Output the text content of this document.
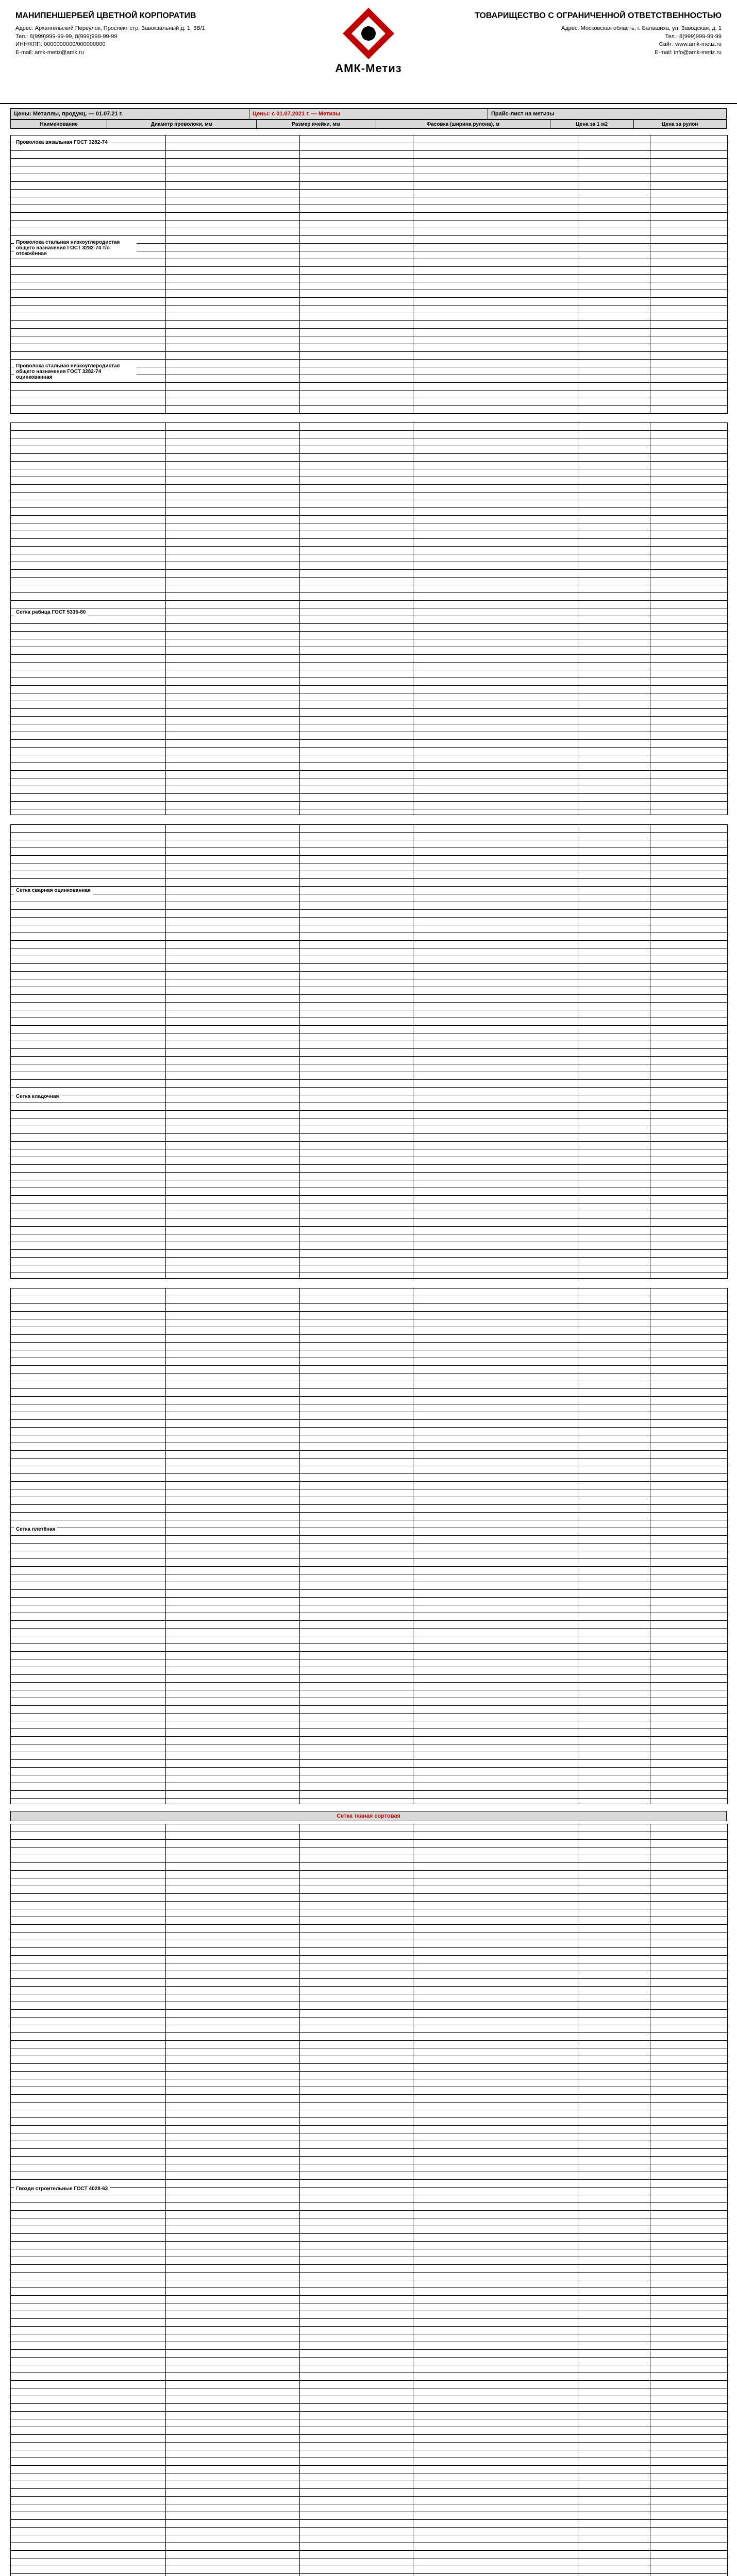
МАНИПЕНШЕРБЕЙ ЦВЕТНОЙ КОРПОРАТИВ
Адрес: Архангельский Переулок, Проспект стр. Завокзальный д. 1, 3В/1
Тел.: 8(999)999-99-99, 8(999)999-99-99
ИНН/КПП: 0000000000/000000000
E-mail: amk-metiz@amk.ru
АМК-Метиз
ТОВАРИЩЕСТВО С ОГРАНИЧЕННОЙ ОТВЕТСТВЕННОСТЬЮ
Адрес: Московская область, г. Балашиха, ул. Заводская, д. 1
Тел.: 8(999)999-99-99
Сайт: www.amk-metiz.ru
E-mail: info@amk-metiz.ru
Цены: Металлы, продукц. — 01.07.21 г.	Цены: c 01.07.2021 г. — Метизы	Прайс-лист на метизы
Наименование	Диаметр проволоки, мм	Размер ячейки, мм	Фасовка (ширина рулона), м	Цена за 1 м2	Цена за рулон
Проволока вязальная ГОСТ 3282-74
Проволока стальная низкоуглеродистая общего назначения ГОСТ 3282-74 т/о отожжённая
Проволока стальная низкоуглеродистая общего назначения ГОСТ 3282-74 оцинкованная
Сетка рабица ГОСТ 5336-80
Сетка сварная оцинкованная
Сетка кладочная
Сетка плетёная
Сетка тканая сортовая
Гвозди строительные ГОСТ 4028-63
